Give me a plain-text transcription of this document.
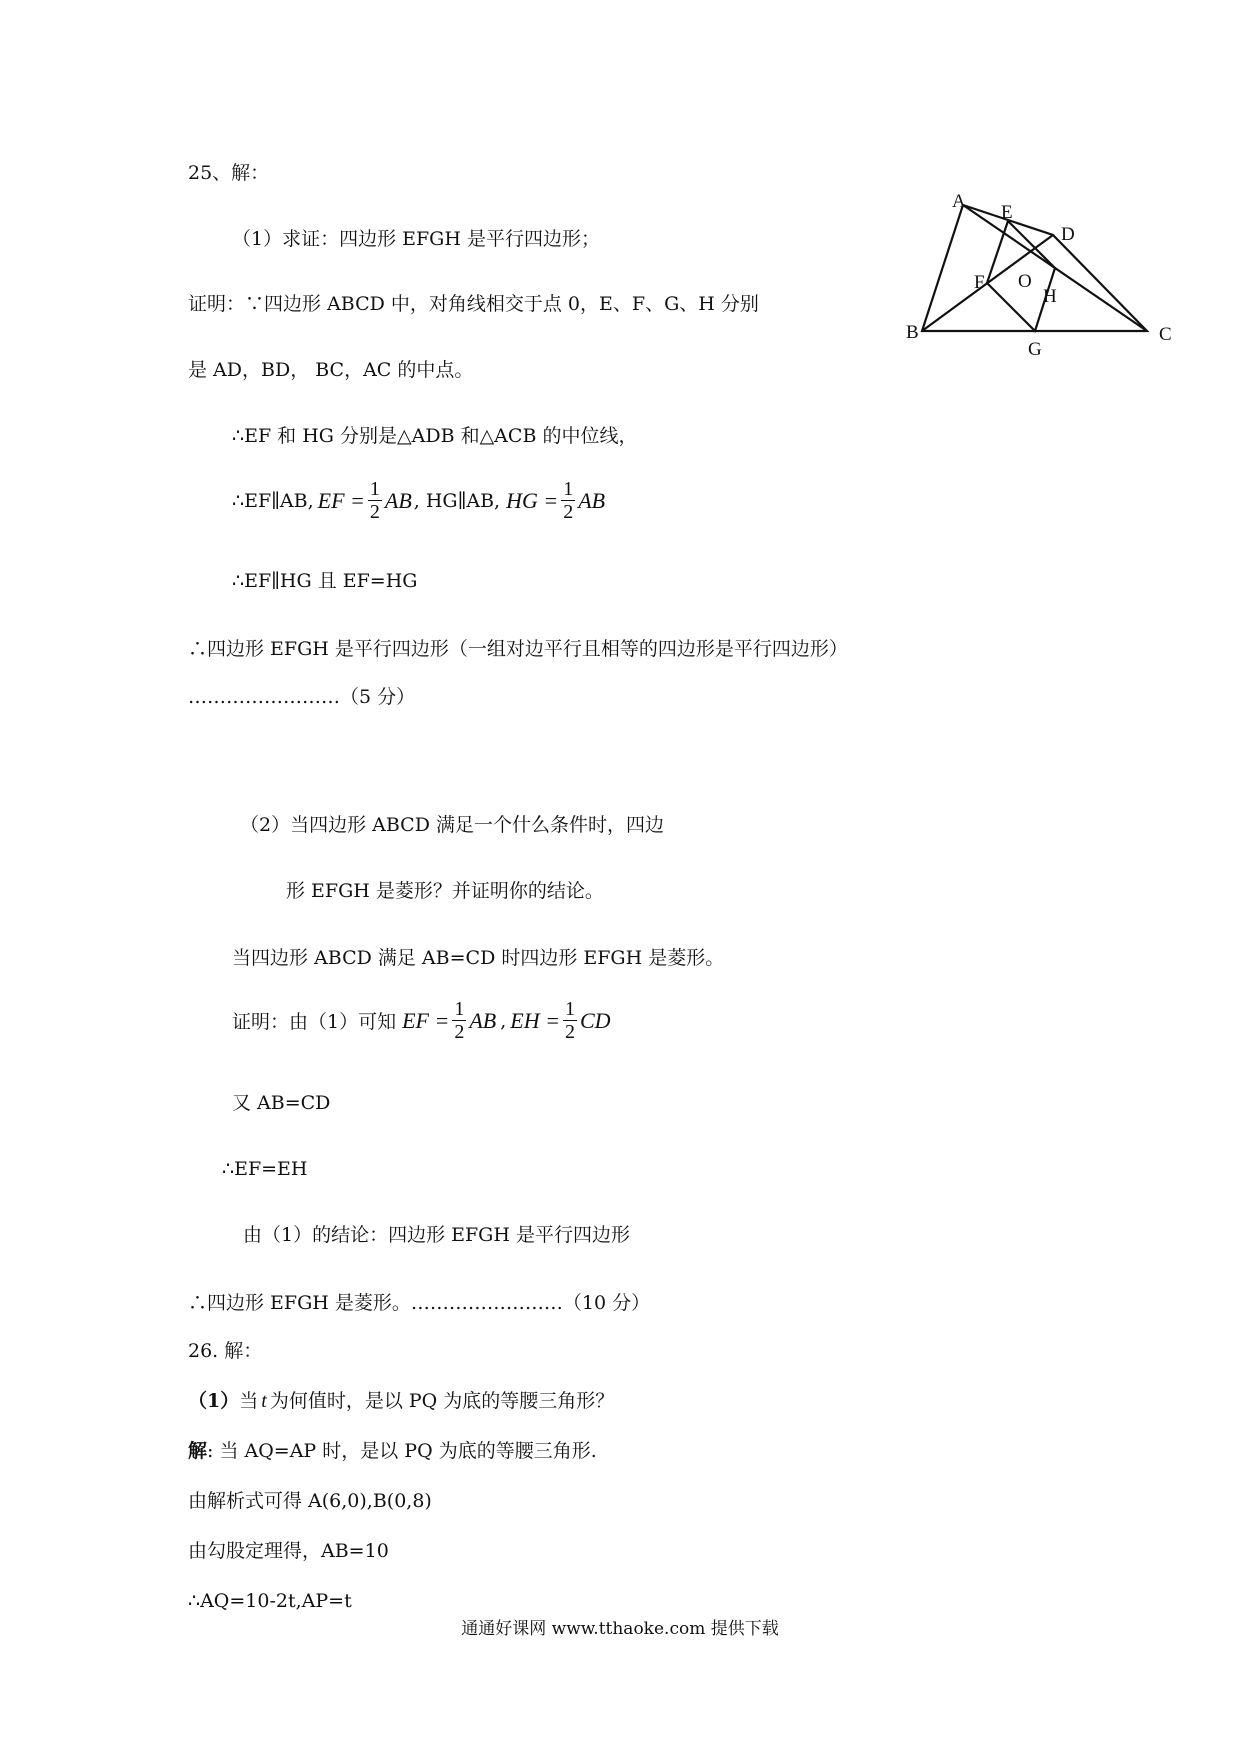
25、解：
（1）求证：四边形 EFGH 是平行四边形；
证明：∵四边形 ABCD 中，对角线相交于点 0，E、F、G、H 分别
是 AD，BD， BC，AC 的中点。
∴EF 和 HG 分别是△ADB 和△ACB 的中位线，
∴EF∥AB, EF = $\frac{1}{2}$ AB , HG∥AB, HG = $\frac{1}{2}$ AB
∴EF∥HG 且 EF=HG
∴四边形 EFGH 是平行四边形（一组对边平行且相等的四边形是平行四边形）
……………………（5 分）
（2）当四边形 ABCD 满足一个什么条件时，四边
形 EFGH 是菱形？并证明你的结论。
当四边形 ABCD 满足 AB=CD 时四边形 EFGH 是菱形。
证明：由（1）可知 EF = $\frac{1}{2}$ AB , EH = $\frac{1}{2}$ CD
又 AB=CD
∴EF=EH
由（1）的结论：四边形 EFGH 是平行四边形
∴四边形 EFGH 是菱形。……………………（10 分）
26. 解：
（1）当 t 为何值时，是以 PQ 为底的等腰三角形？
解: 当 AQ=AP 时，是以 PQ 为底的等腰三角形.
由解析式可得 A(6,0),B(0,8)
由勾股定理得，AB=10
∴AQ=10-2t,AP=t
A
B	C
D
E
F
G
H
O
通通好课网 www.tthaoke.com 提供下载
